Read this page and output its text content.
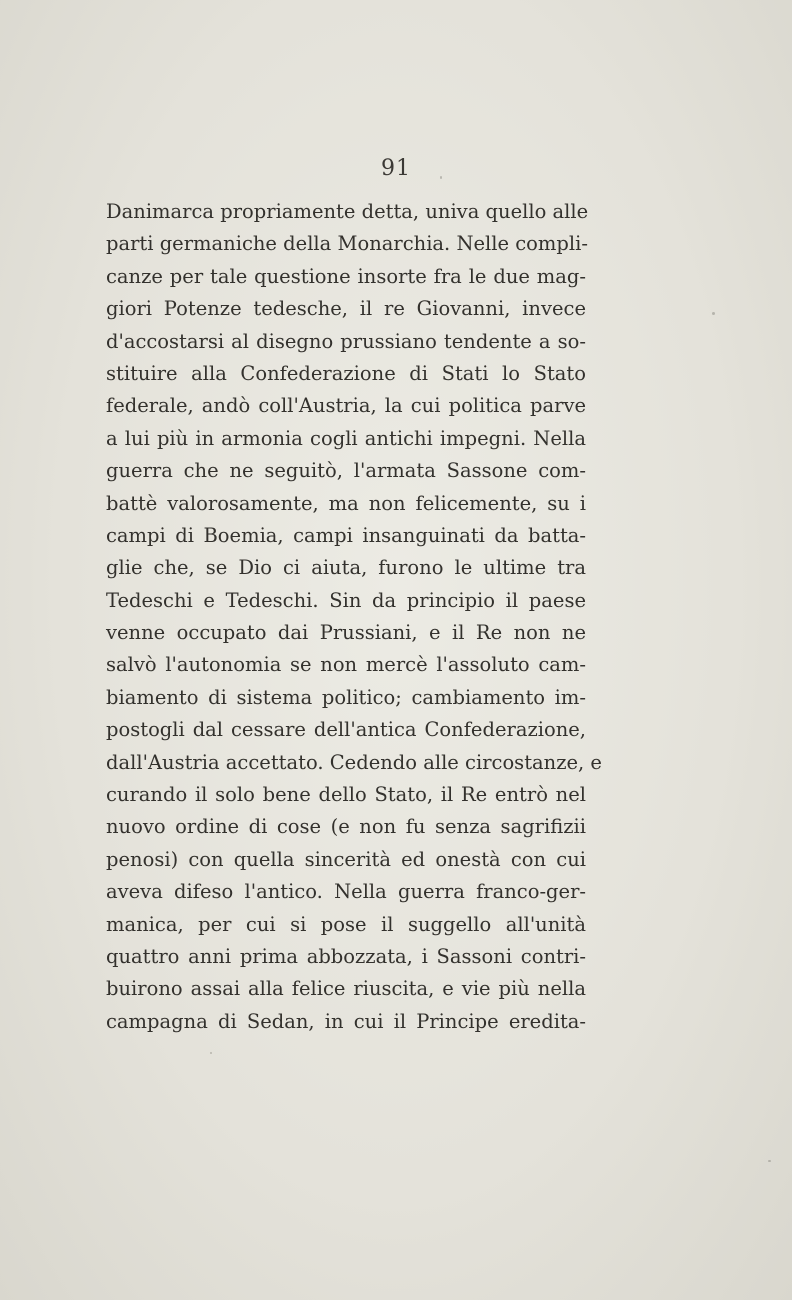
91
Danimarca propriamente detta, univa quello alle
parti germaniche della Monarchia. Nelle compli-
canze per tale questione insorte fra le due mag-
giori Potenze tedesche, il re Giovanni, invece
d'accostarsi al disegno prussiano tendente a so-
stituire alla Confederazione di Stati lo Stato
federale, andò coll'Austria, la cui politica parve
a lui più in armonia cogli antichi impegni. Nella
guerra che ne seguitò, l'armata Sassone com-
battè valorosamente, ma non felicemente, su i
campi di Boemia, campi insanguinati da batta-
glie che, se Dio ci aiuta, furono le ultime tra
Tedeschi e Tedeschi. Sin da principio il paese
venne occupato dai Prussiani, e il Re non ne
salvò l'autonomia se non mercè l'assoluto cam-
biamento di sistema politico; cambiamento im-
postogli dal cessare dell'antica Confederazione,
dall'Austria accettato. Cedendo alle circostanze, e
curando il solo bene dello Stato, il Re entrò nel
nuovo ordine di cose (e non fu senza sagrifizii
penosi) con quella sincerità ed onestà con cui
aveva difeso l'antico. Nella guerra franco-ger-
manica, per cui si pose il suggello all'unità
quattro anni prima abbozzata, i Sassoni contri-
buirono assai alla felice riuscita, e vie più nella
campagna di Sedan, in cui il Principe eredita-
